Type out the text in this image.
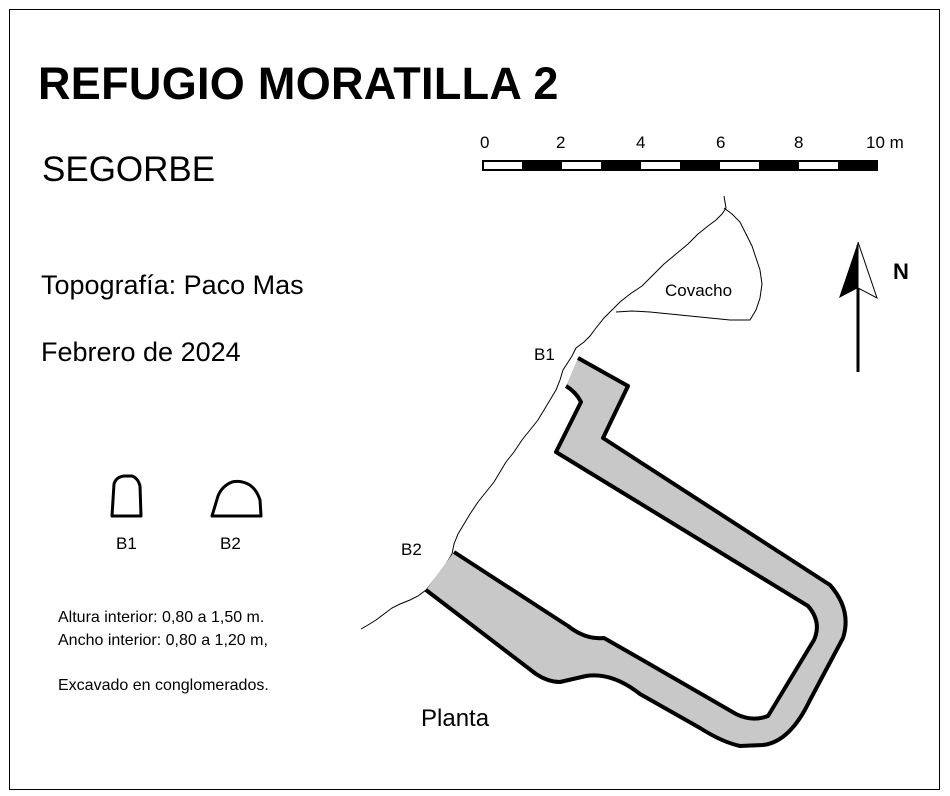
REFUGIO MORATILLA 2
SEGORBE
Topografía: Paco Mas
Febrero de 2024
Altura interior: 0,80 a 1,50 m.
Ancho interior: 0,80 a 1,20 m,
Excavado en conglomerados.
Planta
0	2	4	6	8	10 m
N
Covacho
B1
B2
B1	B2
